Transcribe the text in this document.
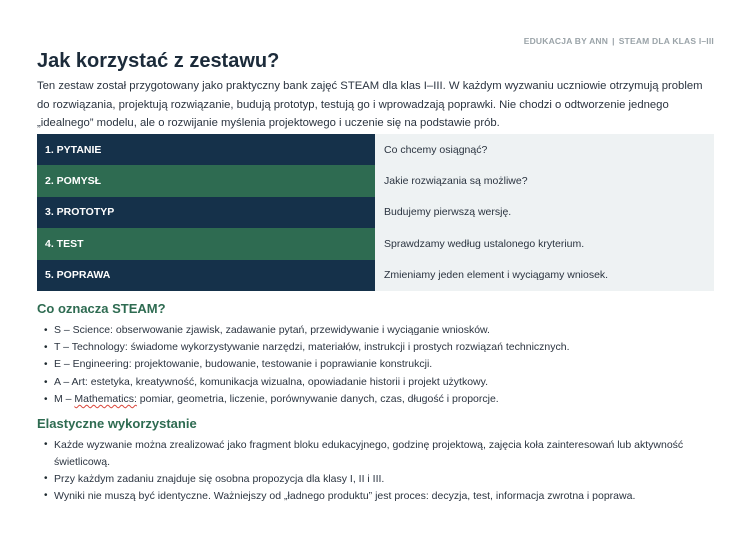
EDUKACJA BY ANN | STEAM DLA KLAS I–III
Jak korzystać z zestawu?

Ten zestaw został przygotowany jako praktyczny bank zajęć STEAM dla klas I–III. W każdym wyzwaniu uczniowie otrzymują problem do rozwiązania, projektują rozwiązanie, budują prototyp, testują go i wprowadzają poprawki. Nie chodzi o odtworzenie jednego „idealnego” modelu, ale o rozwijanie myślenia projektowego i uczenie się na podstawie prób.

1. PYTANIE	Co chcemy osiągnąć?
2. POMYSŁ	Jakie rozwiązania są możliwe?
3. PROTOTYP	Budujemy pierwszą wersję.
4. TEST	Sprawdzamy według ustalonego kryterium.
5. POPRAWA	Zmieniamy jeden element i wyciągamy wniosek.
Co oznacza STEAM?
• S – Science: obserwowanie zjawisk, zadawanie pytań, przewidywanie i wyciąganie wniosków.
• T – Technology: świadome wykorzystywanie narzędzi, materiałów, instrukcji i prostych rozwiązań technicznych.
• E – Engineering: projektowanie, budowanie, testowanie i poprawianie konstrukcji.
• A – Art: estetyka, kreatywność, komunikacja wizualna, opowiadanie historii i projekt użytkowy.
• M – Mathematics: pomiar, geometria, liczenie, porównywanie danych, czas, długość i proporcje.
Elastyczne wykorzystanie
• Każde wyzwanie można zrealizować jako fragment bloku edukacyjnego, godzinę projektową, zajęcia koła zainteresowań lub aktywność świetlicową.
• Przy każdym zadaniu znajduje się osobna propozycja dla klasy I, II i III.
• Wyniki nie muszą być identyczne. Ważniejszy od „ładnego produktu” jest proces: decyzja, test, informacja zwrotna i poprawa.
